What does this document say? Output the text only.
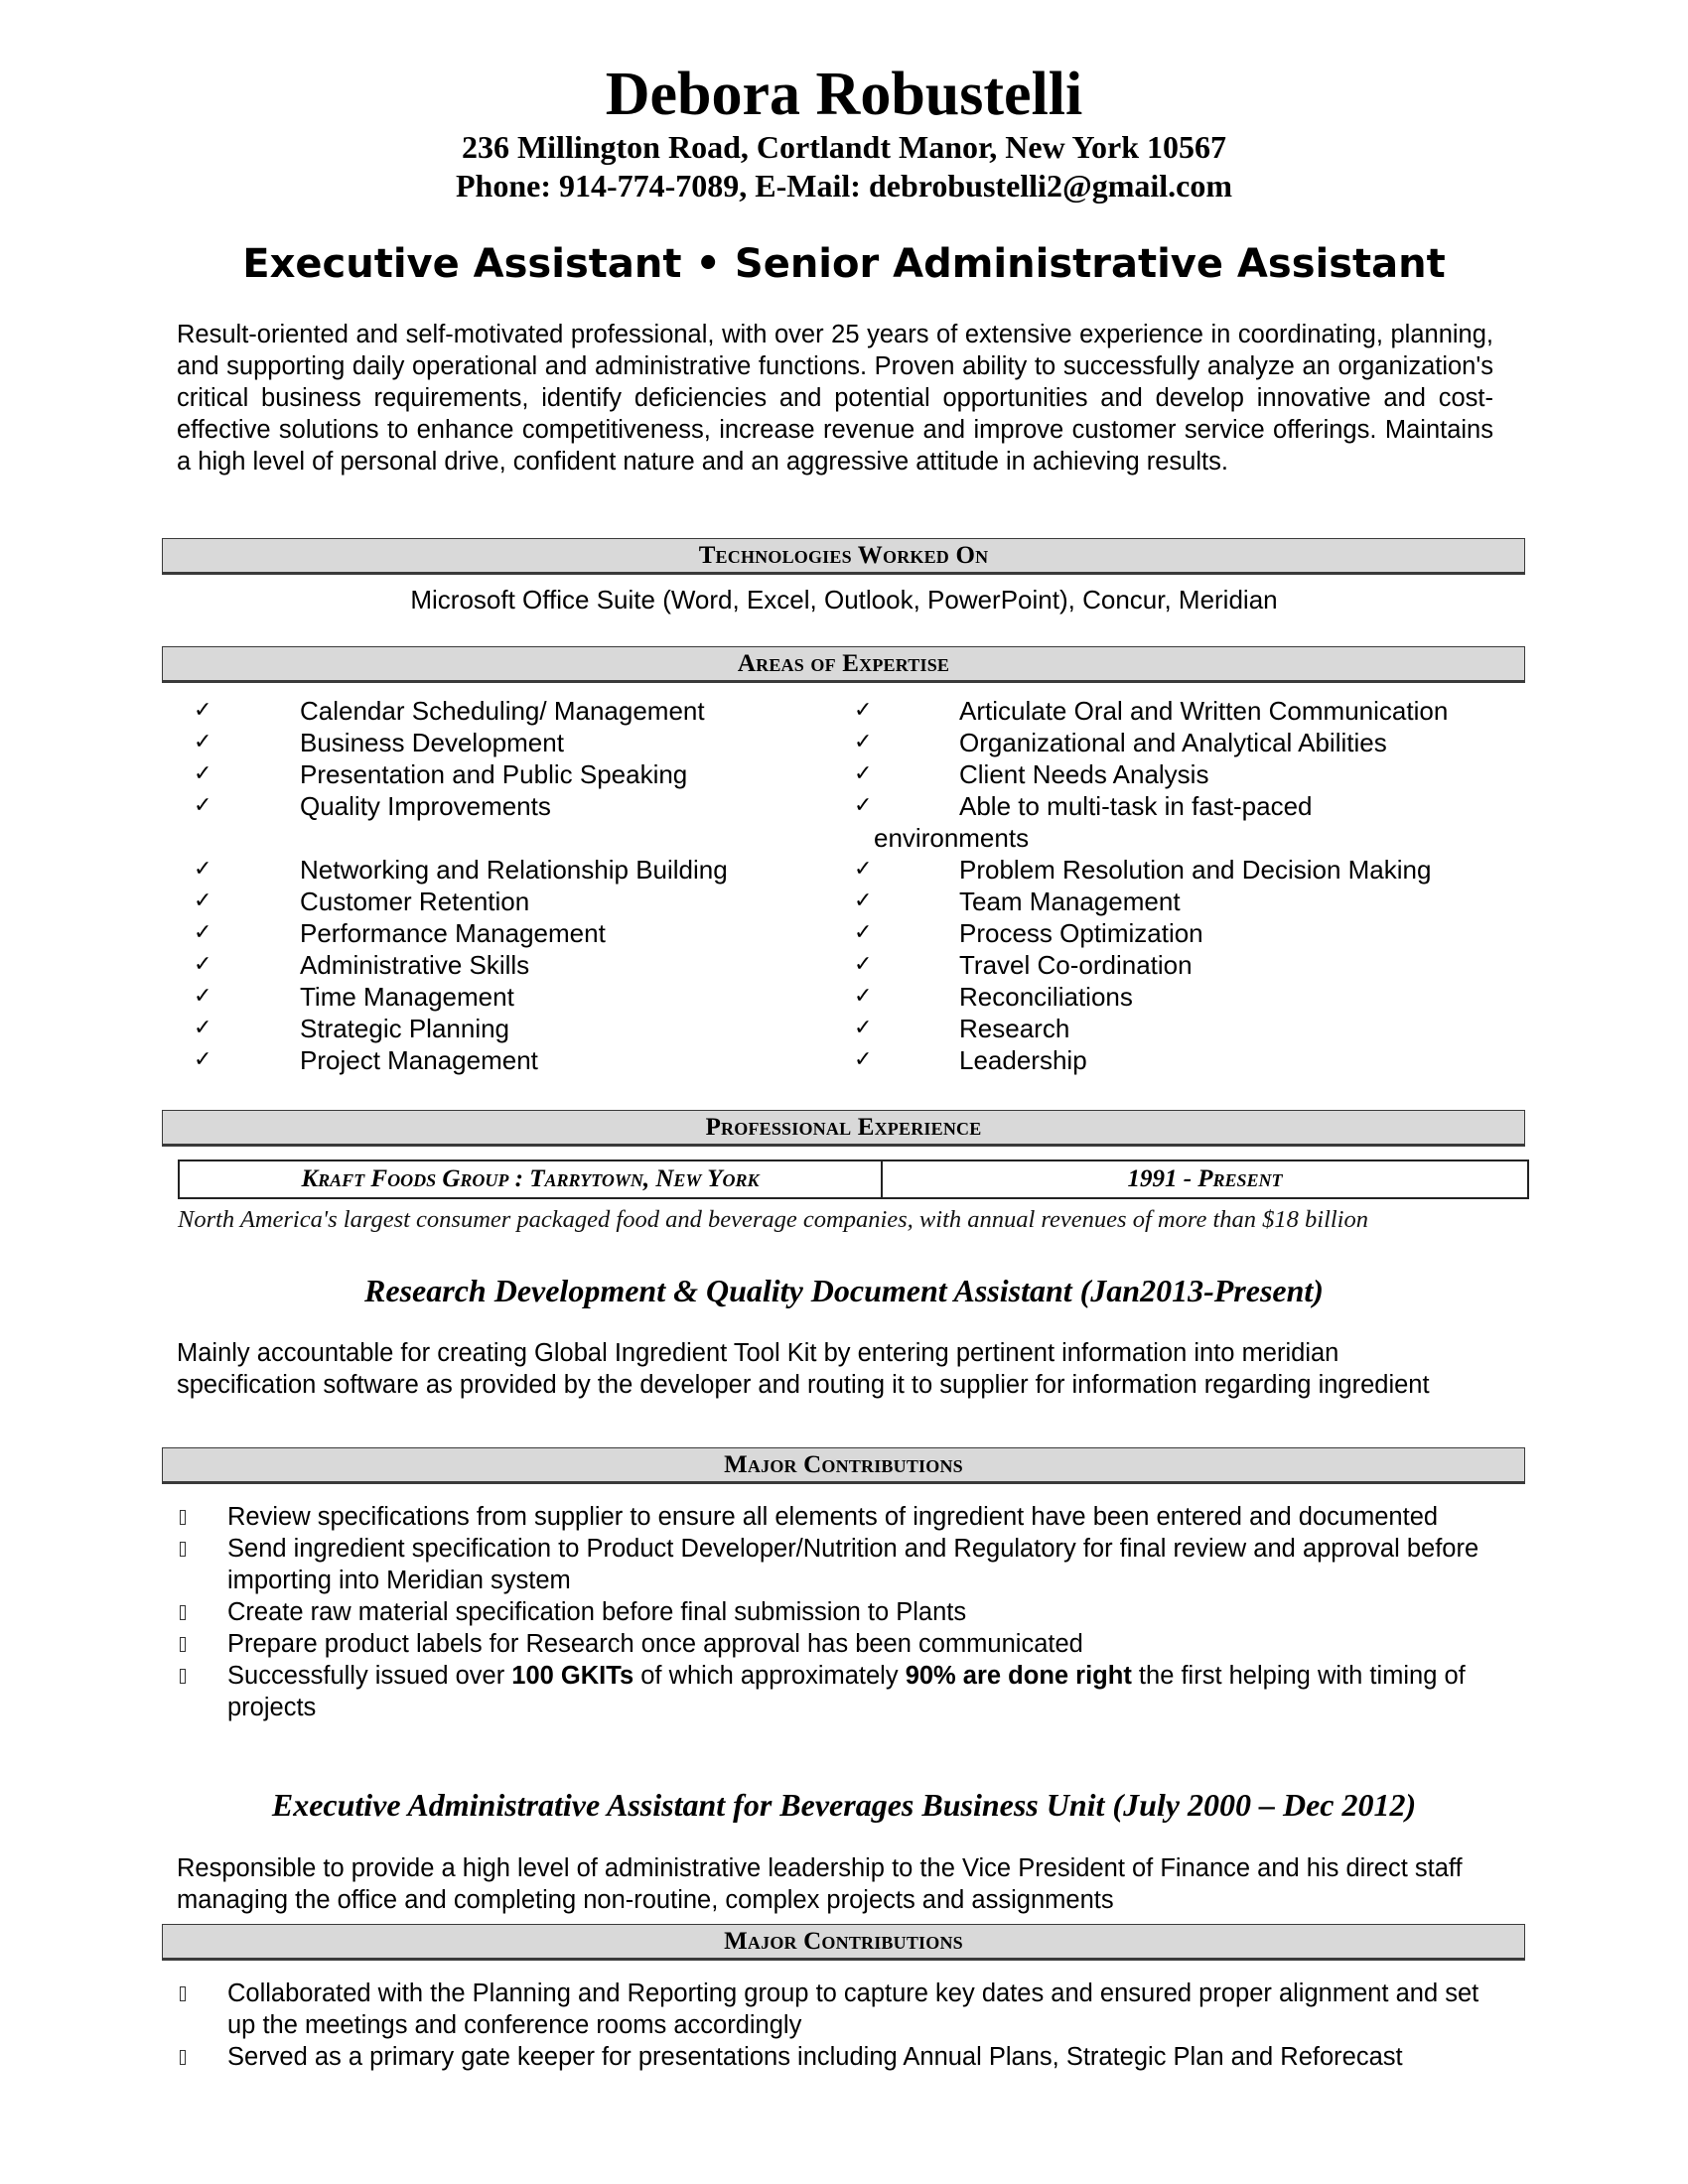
Debora Robustelli
236 Millington Road, Cortlandt Manor, New York 10567
Phone: 914-774-7089, E-Mail: debrobustelli2@gmail.com
Executive Assistant • Senior Administrative Assistant
Result-oriented and self-motivated professional, with over 25 years of extensive experience in coordinating, planning, and supporting daily operational and administrative functions. Proven ability to successfully analyze an organization's critical business requirements, identify deficiencies and potential opportunities and develop innovative and cost-effective solutions to enhance competitiveness, increase revenue and improve customer service offerings. Maintains a high level of personal drive, confident nature and an aggressive attitude in achieving results.
Technologies Worked On
Microsoft Office Suite (Word, Excel, Outlook, PowerPoint), Concur, Meridian
Areas of Expertise
✓	Calendar Scheduling/ Management
✓	Business Development
✓	Presentation and Public Speaking
✓	Quality Improvements
✓	Networking and Relationship Building
✓	Customer Retention
✓	Performance Management
✓	Administrative Skills
✓	Time Management
✓	Strategic Planning
✓	Project Management
✓	Articulate Oral and Written Communication
✓	Organizational and Analytical Abilities
✓	Client Needs Analysis
✓	Able to multi-task in fast-paced
environments
✓	Problem Resolution and Decision Making
✓	Team Management
✓	Process Optimization
✓	Travel Co-ordination
✓	Reconciliations
✓	Research
✓	Leadership
Professional Experience
Kraft Foods Group : Tarrytown, New York	1991 - Present
North America's largest consumer packaged food and beverage companies, with annual revenues of more than $18 billion
Research Development & Quality Document Assistant (Jan2013-Present)
Mainly accountable for creating Global Ingredient Tool Kit by entering pertinent information into meridian specification software as provided by the developer and routing it to supplier for information regarding ingredient
Major Contributions
Review specifications from supplier to ensure all elements of ingredient have been entered and documented
Send ingredient specification to Product Developer/Nutrition and Regulatory for final review and approval before importing into Meridian system
Create raw material specification before final submission to Plants
Prepare product labels for Research once approval has been communicated
Successfully issued over 100 GKITs of which approximately 90% are done right the first helping with timing of projects
Executive Administrative Assistant for Beverages Business Unit (July 2000 – Dec 2012)
Responsible to provide a high level of administrative leadership to the Vice President of Finance and his direct staff managing the office and completing non-routine, complex projects and assignments
Major Contributions
Collaborated with the Planning and Reporting group to capture key dates and ensured proper alignment and set up the meetings and conference rooms accordingly
Served as a primary gate keeper for presentations including Annual Plans, Strategic Plan and Reforecast
